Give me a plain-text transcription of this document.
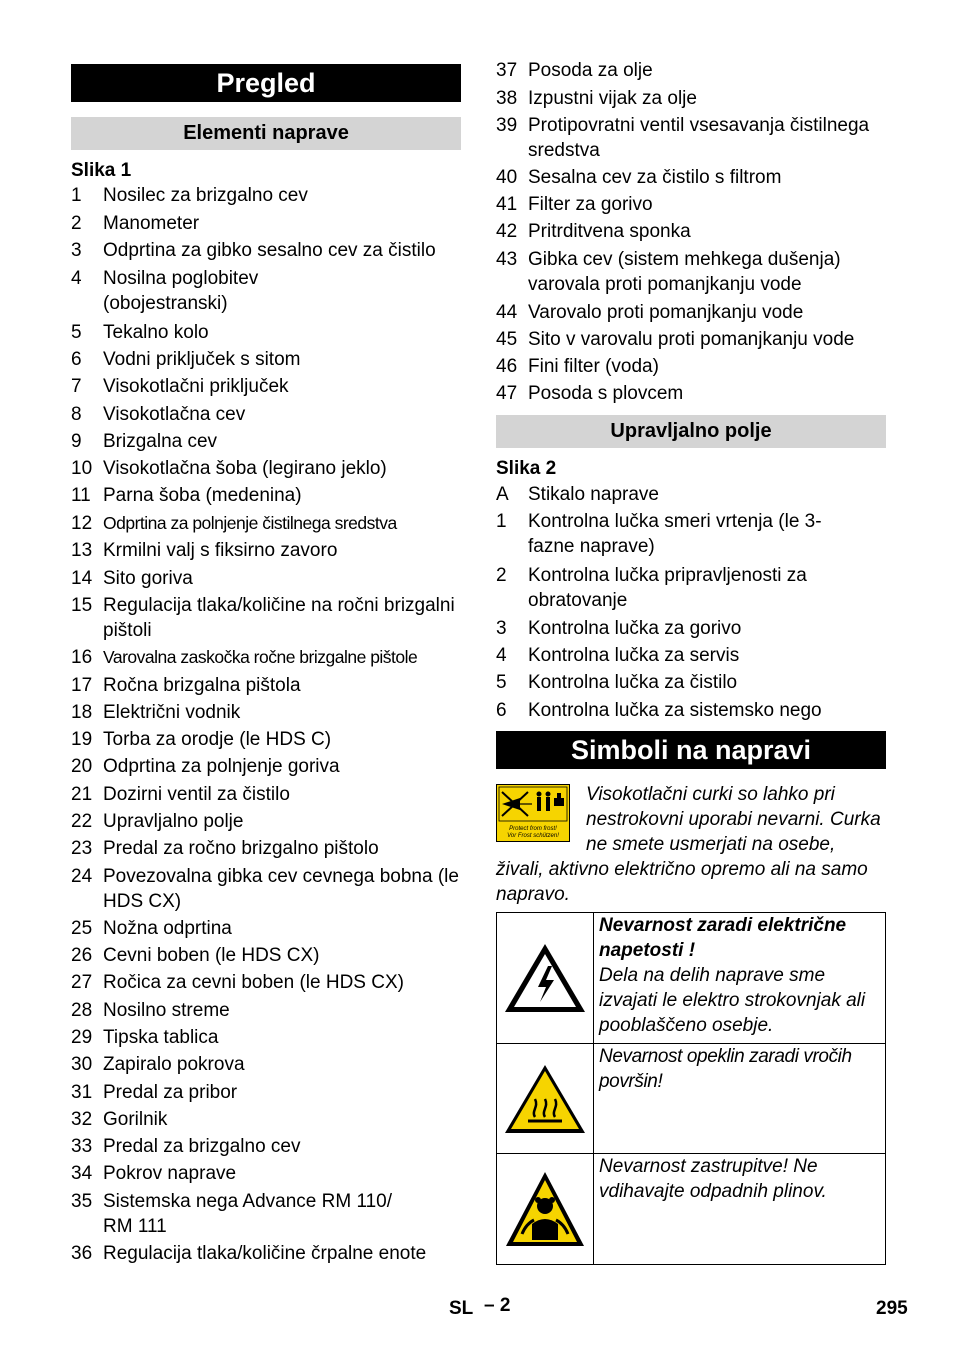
Pregled
Elementi naprave
Slika 1
1	Nosilec za brizgalno cev
2	Manometer
3	Odprtina za gibko sesalno cev za čistilo
4	Nosilna poglobitev (obojestranski)
5	Tekalno kolo
6	Vodni priključek s sitom
7	Visokotlačni priključek
8	Visokotlačna cev
9	Brizgalna cev
10 Visokotlačna šoba (legirano jeklo)
11 Parna šoba (medenina)
12 Odprtina za polnjenje čistilnega sredstva
13 Krmilni valj s fiksirno zavoro
14 Sito goriva
15 Regulacija tlaka/količine na ročni brizgalni pištoli
16 Varovalna zaskočka ročne brizgalne pištole
17 Ročna brizgalna pištola
18 Električni vodnik
19 Torba za orodje (le HDS C)
20 Odprtina za polnjenje goriva
21 Dozirni ventil za čistilo
22 Upravljalno polje
23 Predal za ročno brizgalno pištolo
24 Povezovalna gibka cev cevnega bobna (le HDS CX)
25 Nožna odprtina
26 Cevni boben (le HDS CX)
27 Ročica za cevni boben (le HDS CX)
28 Nosilno streme
29 Tipska tablica
30 Zapiralo pokrova
31 Predal za pribor
32 Gorilnik
33 Predal za brizgalno cev
34 Pokrov naprave
35 Sistemska nega Advance RM 110/ RM 111
36 Regulacija tlaka/količine črpalne enote
37 Posoda za olje
38 Izpustni vijak za olje
39 Protipovratni ventil vsesavanja čistilnega sredstva
40 Sesalna cev za čistilo s filtrom
41 Filter za gorivo
42 Pritrditvena sponka
43 Gibka cev (sistem mehkega dušenja) varovala proti pomanjkanju vode
44 Varovalo proti pomanjkanju vode
45 Sito v varovalu proti pomanjkanju vode
46 Fini filter (voda)
47 Posoda s plovcem
Upravljalno polje
Slika 2
A	Stikalo naprave
1	Kontrolna lučka smeri vrtenja (le 3-fazne naprave)
2	Kontrolna lučka pripravljenosti za obratovanje
3	Kontrolna lučka za gorivo
4	Kontrolna lučka za servis
5	Kontrolna lučka za čistilo
6	Kontrolna lučka za sistemsko nego
Simboli na napravi
Protect from frost!
Vor Frost schützen!

Visokotlačni curki so lahko pri nestrokovni uporabi nevarni. Curka ne smete usmerjati na osebe, živali, aktivno električno opremo ali na samo napravo.

Nevarnost zaradi električne napetosti !
Dela na delih naprave sme izvajati le elektro strokovnjak ali pooblaščeno osebje.
Nevarnost opeklin zaradi vročih površin!
Nevarnost zastrupitve! Ne vdihavajte odpadnih plinov.
SL – 2	295
